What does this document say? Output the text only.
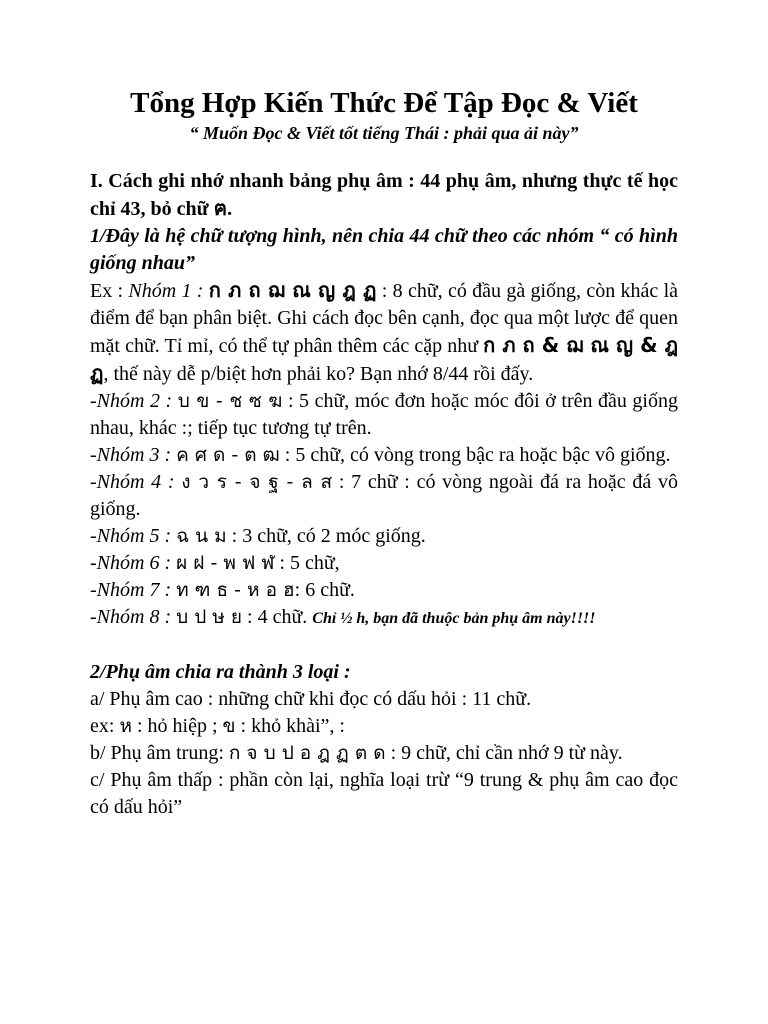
Tổng Hợp Kiến Thức Để Tập Đọc & Viết
“ Muốn Đọc & Viết tốt tiếng Thái : phải qua ải này”

I. Cách ghi nhớ nhanh bảng phụ âm : 44 phụ âm, nhưng thực tế học chỉ 43, bỏ chữ ฅ.

1/Đây là hệ chữ tượng hình, nên chia 44 chữ theo các nhóm “ có hình giống nhau”

Ex : Nhóm 1 : ก ภ ถ ฌ ณ ญ ฎ ฏ : 8 chữ, có đầu gà giống, còn khác là điểm để bạn phân biệt. Ghi cách đọc bên cạnh, đọc qua một lược để quen mặt chữ. Tỉ mỉ, có thể tự phân thêm các cặp như ก ภ ถ & ฌ ณ ญ & ฎ ฏ, thế này dễ p/biệt hơn phải ko? Bạn nhớ 8/44 rồi đấy.

-Nhóm 2 : บ ข - ช ซ ฆ : 5 chữ, móc đơn hoặc móc đôi ở trên đầu giống nhau, khác :; tiếp tục tương tự trên.

-Nhóm 3 : ค ศ ด - ต ฒ : 5 chữ, có vòng trong bậc ra hoặc bậc vô giống.

-Nhóm 4 : ง ว ร - จ ฐ - ล ส : 7 chữ : có vòng ngoài đá ra hoặc đá vô giống.

-Nhóm 5 : ฉ น ม : 3 chữ, có 2 móc giống.

-Nhóm 6 : ผ ฝ - พ ฟ ฬ : 5 chữ,

-Nhóm 7 : ท ฑ ธ - ห อ ฮ: 6 chữ.

-Nhóm 8 : บ ป ษ ย : 4 chữ. Chỉ ½ h, bạn đã thuộc bản phụ âm này!!!!

2/Phụ âm chia ra thành 3 loại :

a/ Phụ âm cao : những chữ khi đọc có dấu hỏi : 11 chữ.

ex: ห : hỏ hiệp ; ข : khỏ khài”, :

b/ Phụ âm trung: ก จ บ ป อ ฎ ฏ ต ด : 9 chữ, chỉ cần nhớ 9 từ này.

c/ Phụ âm thấp : phần còn lại, nghĩa loại trừ “9 trung & phụ âm cao đọc có dấu hỏi”
